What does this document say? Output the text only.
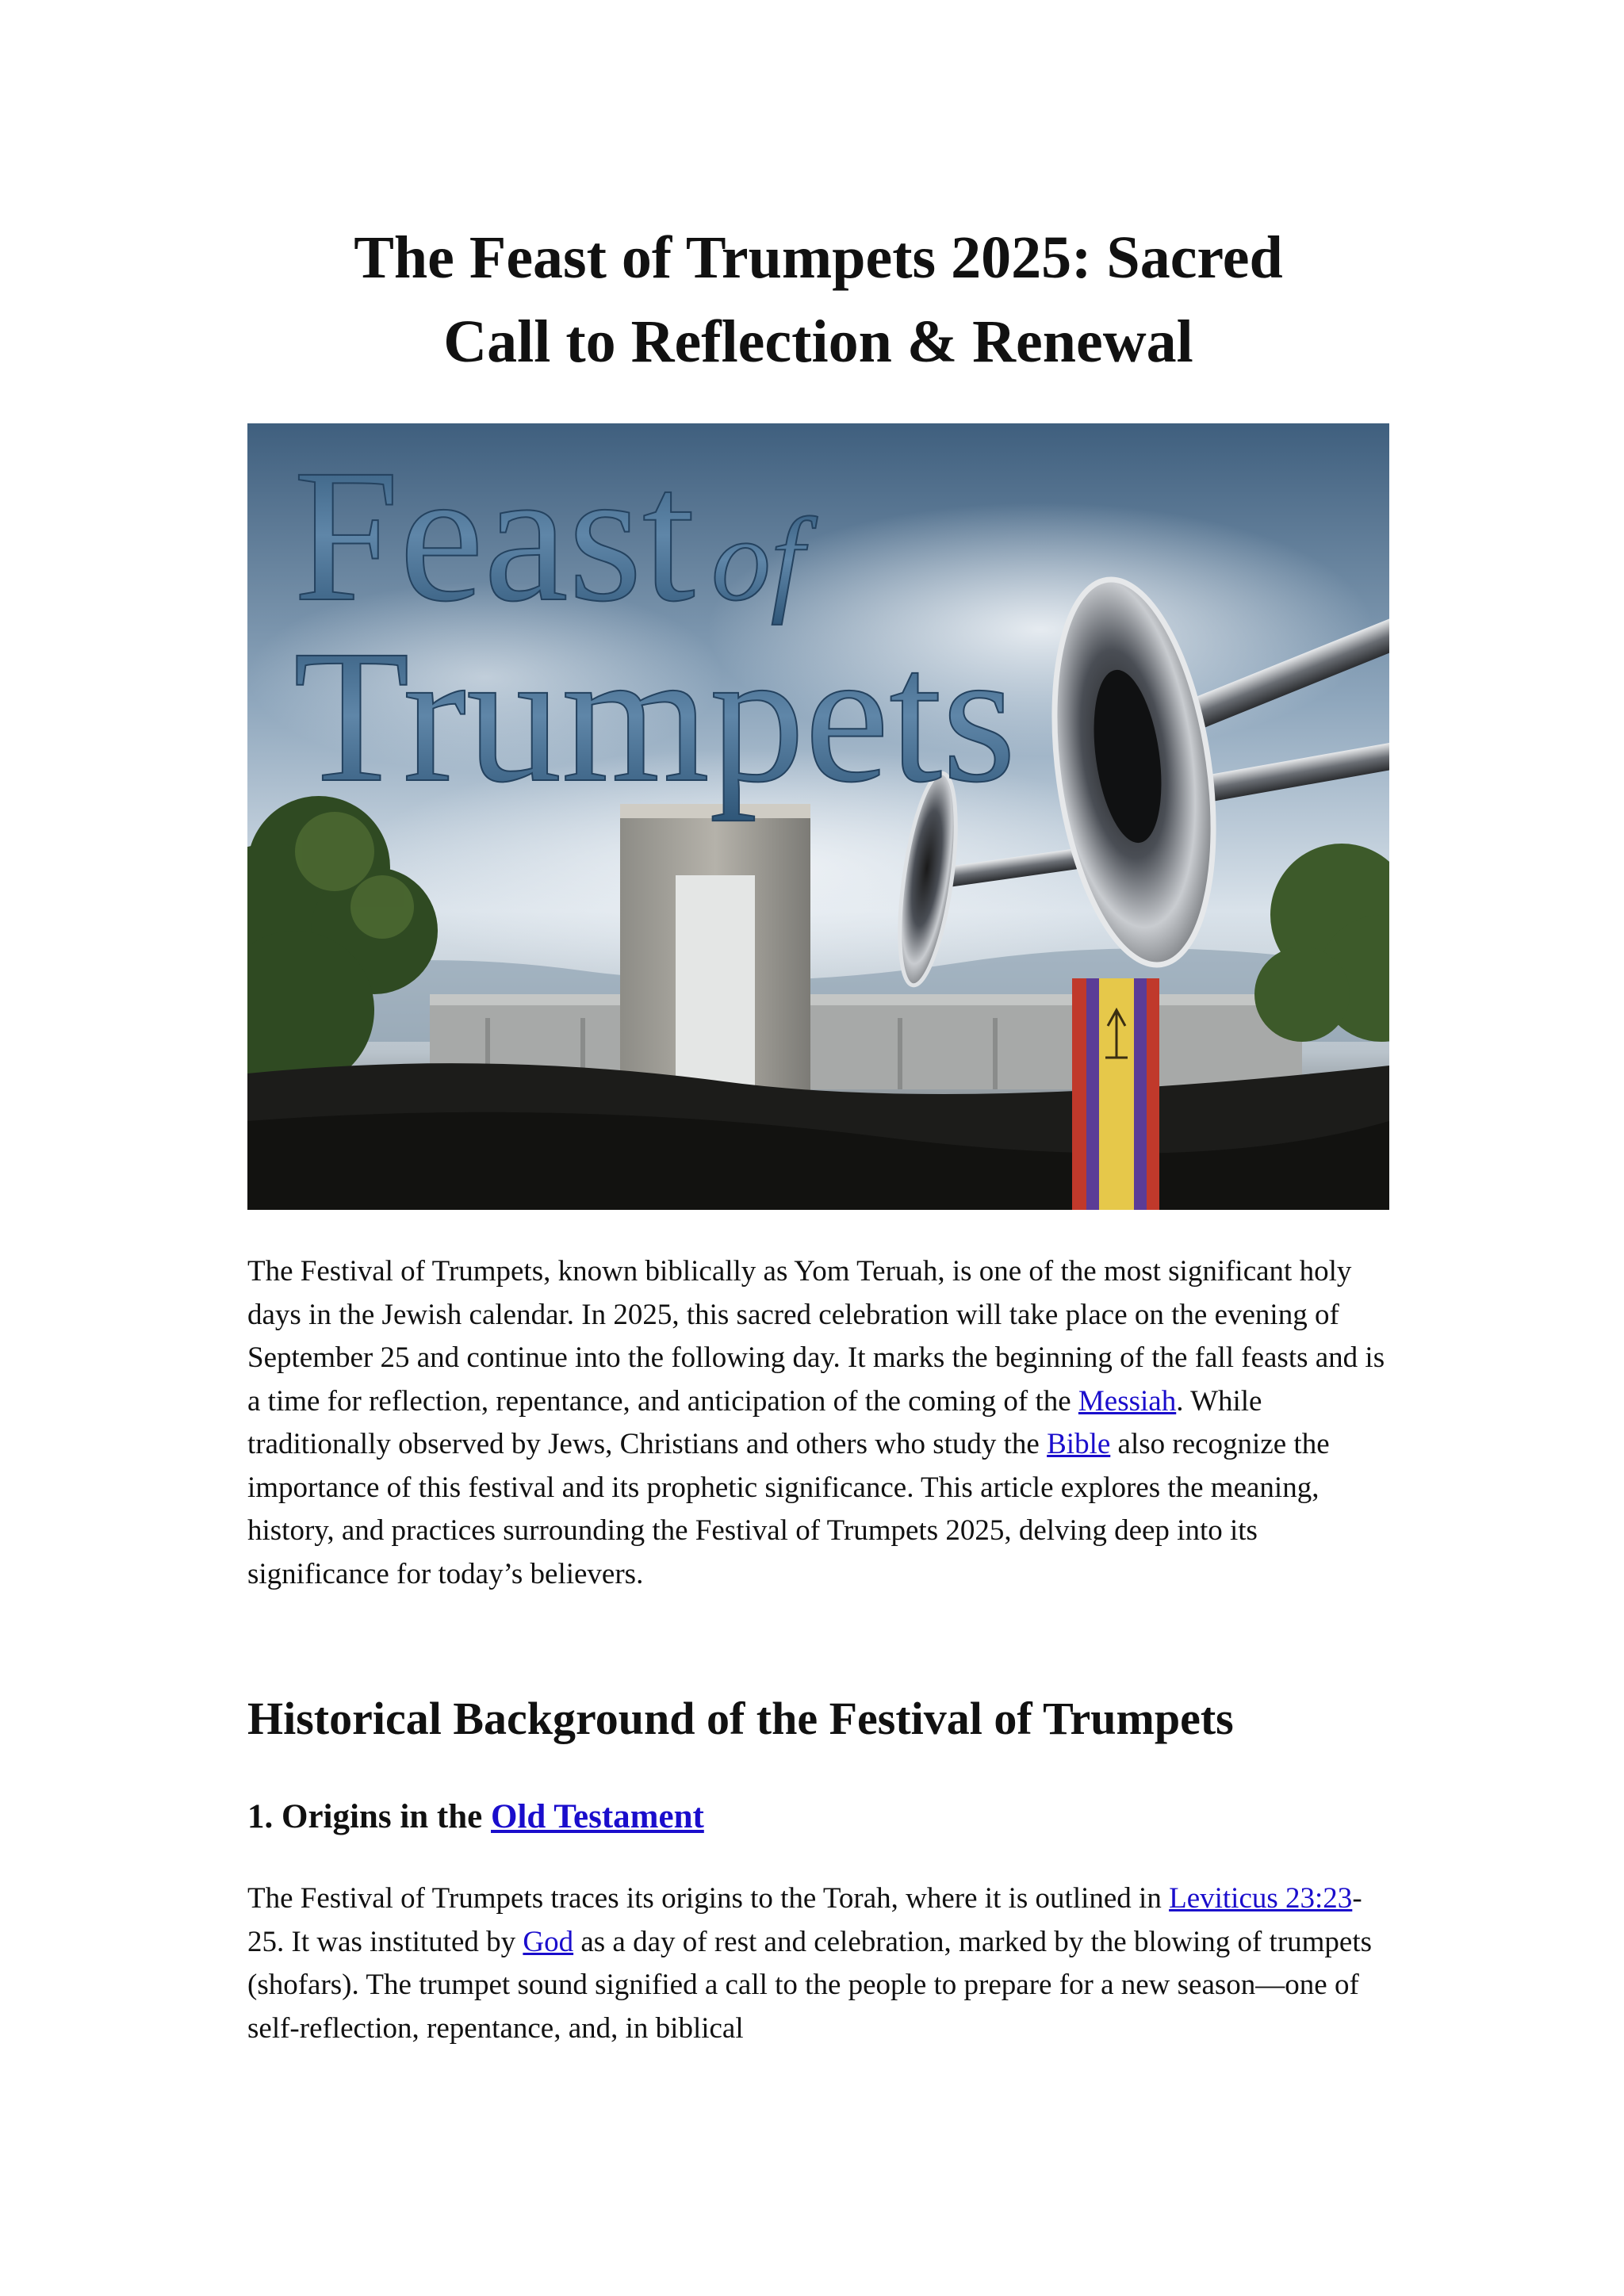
The Feast of Trumpets 2025: Sacred
Call to Reflection & Renewal
Feast of
Trumpets

The Festival of Trumpets, known biblically as Yom Teruah, is one of the most significant holy days in the Jewish calendar. In 2025, this sacred celebration will take place on the evening of September 25 and continue into the following day. It marks the beginning of the fall feasts and is a time for reflection, repentance, and anticipation of the coming of the Messiah. While traditionally observed by Jews, Christians and others who study the Bible also recognize the importance of this festival and its prophetic significance. This article explores the meaning, history, and practices surrounding the Festival of Trumpets 2025, delving deep into its significance for today’s believers.

Historical Background of the Festival of Trumpets
1. Origins in the Old Testament

The Festival of Trumpets traces its origins to the Torah, where it is outlined in Leviticus 23:23-25. It was instituted by God as a day of rest and celebration, marked by the blowing of trumpets (shofars). The trumpet sound signified a call to the people to prepare for a new season—one of self-reflection, repentance, and, in biblical
